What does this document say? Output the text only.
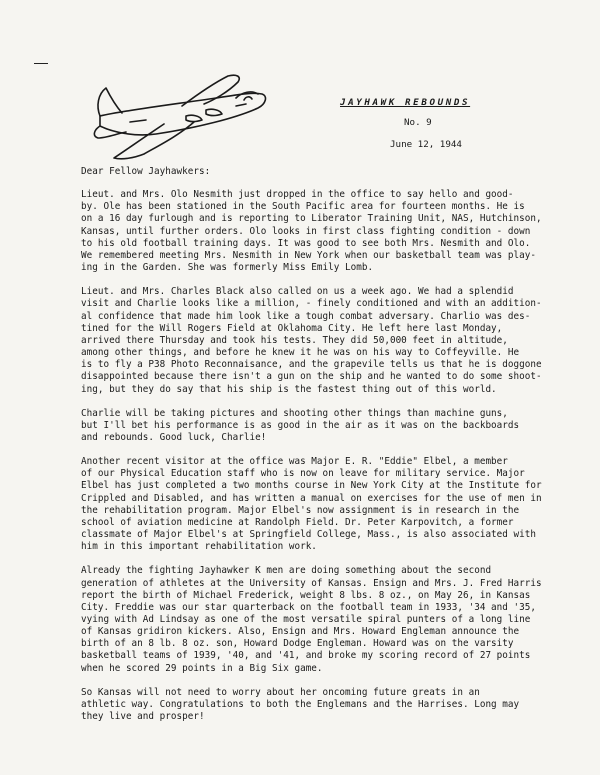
JAYHAWK REBOUNDS
No. 9
June 12, 1944

Dear Fellow Jayhawkers:

Lieut. and Mrs. Olo Nesmith just dropped in the office to say hello and good-
by. Ole has been stationed in the South Pacific area for fourteen months. He is
on a 16 day furlough and is reporting to Liberator Training Unit, NAS, Hutchinson,
Kansas, until further orders. Olo looks in first class fighting condition - down
to his old football training days. It was good to see both Mrs. Nesmith and Olo.
We remembered meeting Mrs. Nesmith in New York when our basketball team was play-
ing in the Garden. She was formerly Miss Emily Lomb.

Lieut. and Mrs. Charles Black also called on us a week ago. We had a splendid
visit and Charlie looks like a million, - finely conditioned and with an addition-
al confidence that made him look like a tough combat adversary. Charlio was des-
tined for the Will Rogers Field at Oklahoma City. He left here last Monday,
arrived there Thursday and took his tests. They did 50,000 feet in altitude,
among other things, and before he knew it he was on his way to Coffeyville. He
is to fly a P38 Photo Reconnaisance, and the grapevile tells us that he is doggone
disappointed because there isn't a gun on the ship and he wanted to do some shoot-
ing, but they do say that his ship is the fastest thing out of this world.

Charlie will be taking pictures and shooting other things than machine guns,
but I'll bet his performance is as good in the air as it was on the backboards
and rebounds. Good luck, Charlie!

Another recent visitor at the office was Major E. R. "Eddie" Elbel, a member
of our Physical Education staff who is now on leave for military service. Major
Elbel has just completed a two months course in New York City at the Institute for
Crippled and Disabled, and has written a manual on exercises for the use of men in
the rehabilitation program. Major Elbel's now assignment is in research in the
school of aviation medicine at Randolph Field. Dr. Peter Karpovitch, a former
classmate of Major Elbel's at Springfield College, Mass., is also associated with
him in this important rehabilitation work.

Already the fighting Jayhawker K men are doing something about the second
generation of athletes at the University of Kansas. Ensign and Mrs. J. Fred Harris
report the birth of Michael Frederick, weight 8 lbs. 8 oz., on May 26, in Kansas
City. Freddie was our star quarterback on the football team in 1933, '34 and '35,
vying with Ad Lindsay as one of the most versatile spiral punters of a long line
of Kansas gridiron kickers. Also, Ensign and Mrs. Howard Engleman announce the
birth of an 8 lb. 8 oz. son, Howard Dodge Engleman. Howard was on the varsity
basketball teams of 1939, '40, and '41, and broke my scoring record of 27 points
when he scored 29 points in a Big Six game.

So Kansas will not need to worry about her oncoming future greats in an
athletic way. Congratulations to both the Englemans and the Harrises. Long may
they live and prosper!
